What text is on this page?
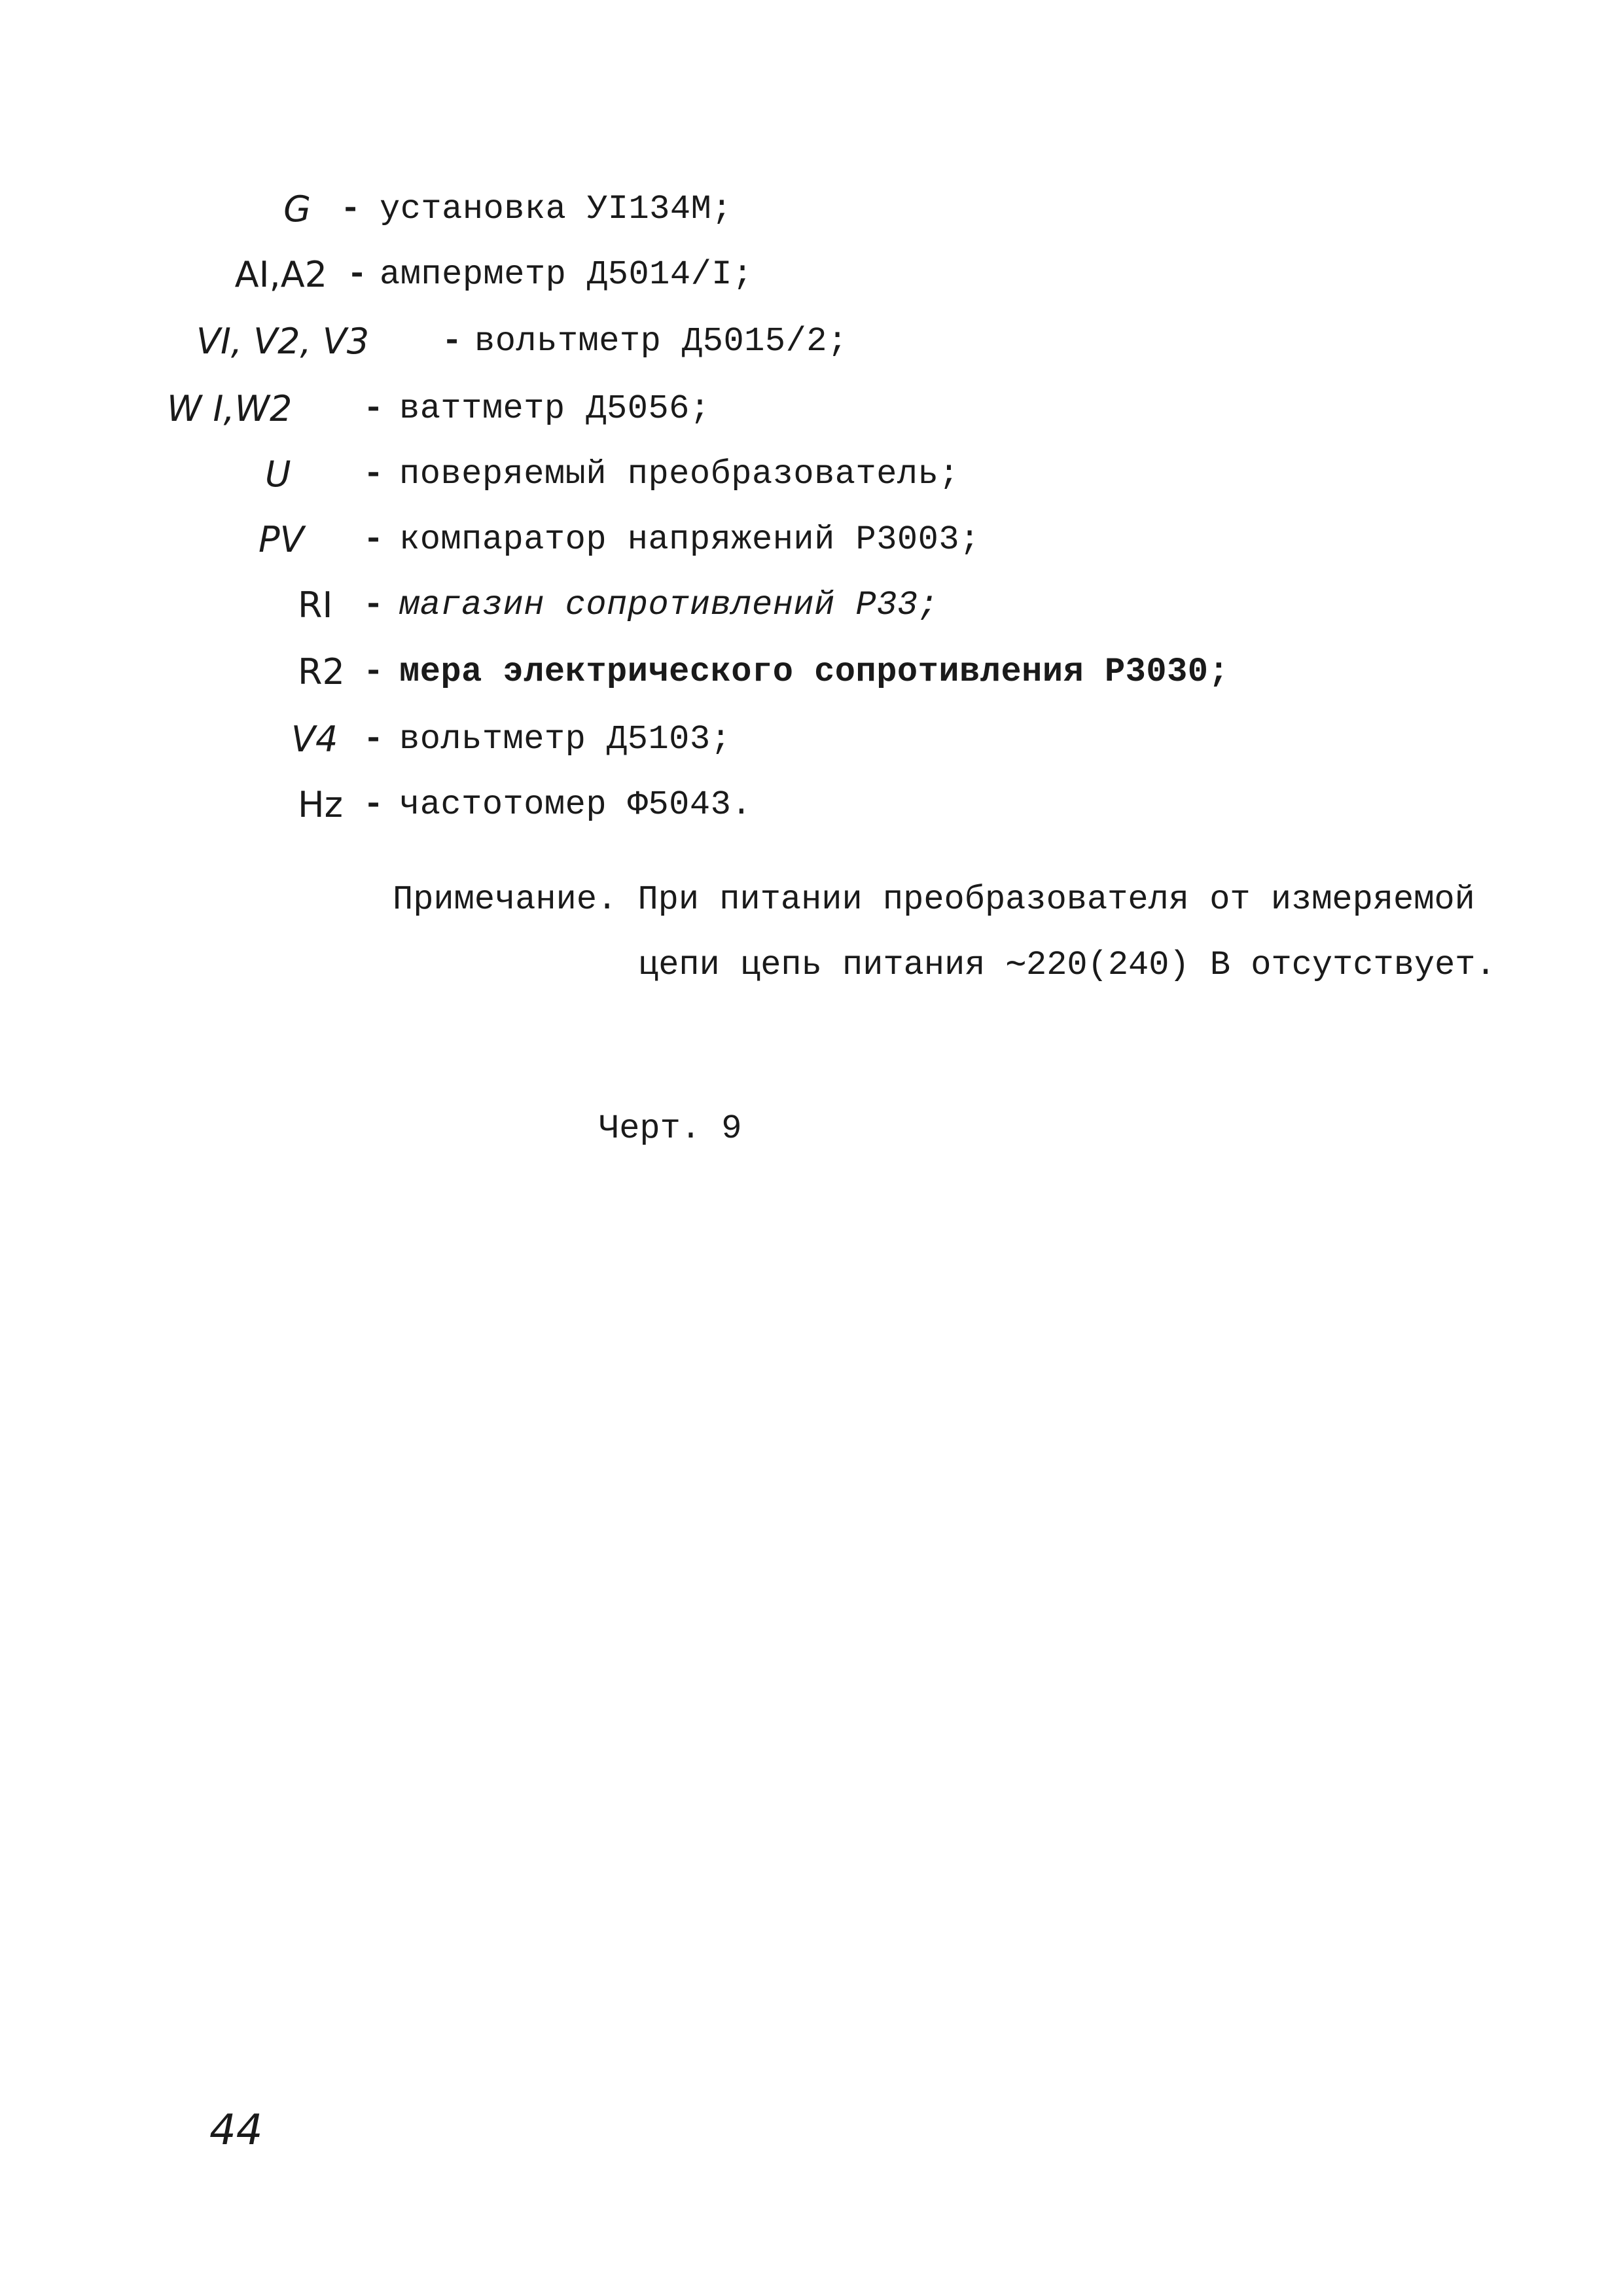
G - установка УI134М;
АI,А2 - амперметр Д5014/I;
VI, V2, V3	- вольтметр Д5015/2;
W I,W2	- ваттметр Д5056;
U	- поверяемый преобразователь;
PV	- компаратор напряжений Р3003;
RI - магазин сопротивлений Р33;
R2 - мера электрического сопротивления Р3030;
V4 - вольтметр Д5103;
Hz - частотомер Ф5043.
Примечание. При питании преобразователя от измеряемой
цепи цепь питания ∼220(240) В отсутствует.
Черт. 9
44
